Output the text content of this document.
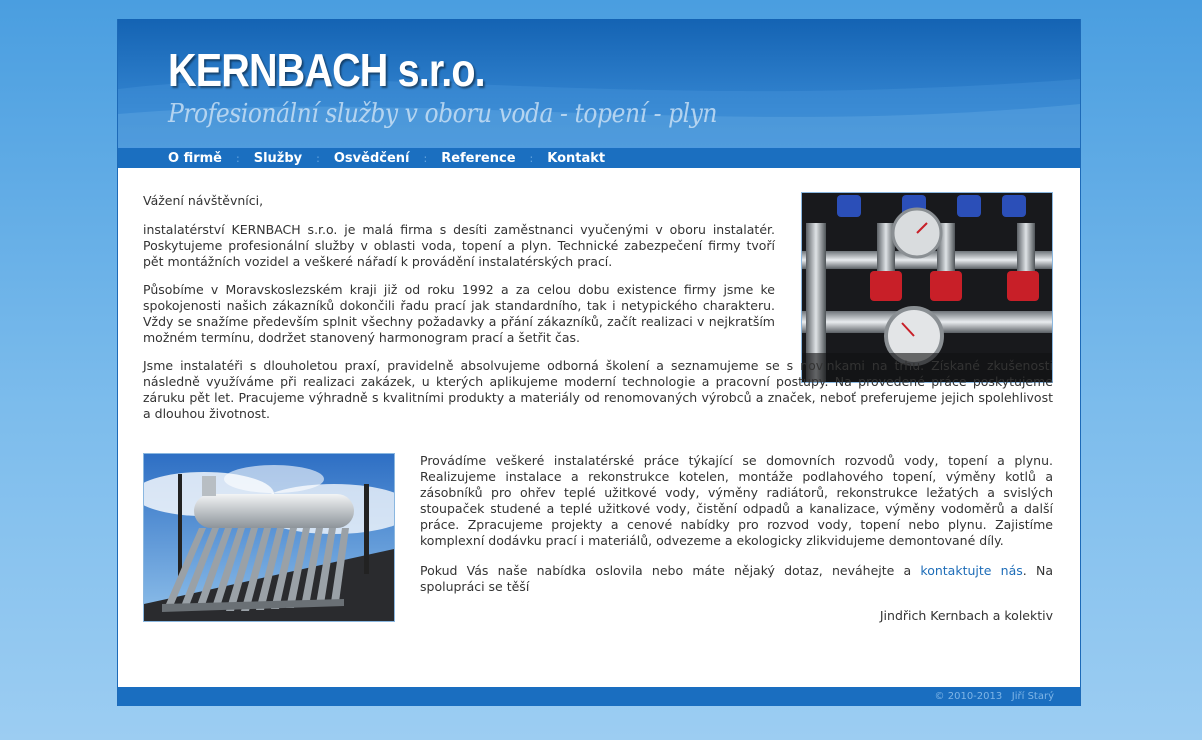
KERNBACH s.r.o.
Profesionální služby v oboru voda - topení - plyn
O firmě : Služby : Osvědčení : Reference : Kontakt

Vážení návštěvníci,

instalatérství KERNBACH s.r.o. je malá firma s desíti zaměstnanci vyučenými v oboru instalatér. Poskytujeme profesionální služby v oblasti voda, topení a plyn. Technické zabezpečení firmy tvoří pět montážních vozidel a veškeré nářadí k provádění instalatérských prací.

Působíme v Moravskoslezském kraji již od roku 1992 a za celou dobu existence firmy jsme ke spokojenosti našich zákazníků dokončili řadu prací jak standardního, tak i netypického charakteru. Vždy se snažíme především splnit všechny požadavky a přání zákazníků, začít realizaci v nejkratším možném termínu, dodržet stanovený harmonogram prací a šetřit čas.

Jsme instalatéři s dlouholetou praxí, pravidelně absolvujeme odborná školení a seznamujeme se s novinkami na trhu. Získané zkušenosti následně využíváme při realizaci zakázek, u kterých aplikujeme moderní technologie a pracovní postupy. Na provedené práce poskytujeme záruku pět let. Pracujeme výhradně s kvalitními produkty a materiály od renomovaných výrobců a značek, neboť preferujeme jejich spolehlivost a dlouhou životnost.

Provádíme veškeré instalatérské práce týkající se domovních rozvodů vody, topení a plynu. Realizujeme instalace a rekonstrukce kotelen, montáže podlahového topení, výměny kotlů a zásobníků pro ohřev teplé užitkové vody, výměny radiátorů, rekonstrukce ležatých a svislých stoupaček studené a teplé užitkové vody, čistění odpadů a kanalizace, výměny vodoměrů a další práce. Zpracujeme projekty a cenové nabídky pro rozvod vody, topení nebo plynu. Zajistíme komplexní dodávku prací i materiálů, odvezeme a ekologicky zlikvidujeme demontované díly.

Pokud Vás naše nabídka oslovila nebo máte nějaký dotaz, neváhejte a kontaktujte nás. Na spolupráci se těší

Jindřich Kernbach a kolektiv

© 2010-2013   Jiří Starý
